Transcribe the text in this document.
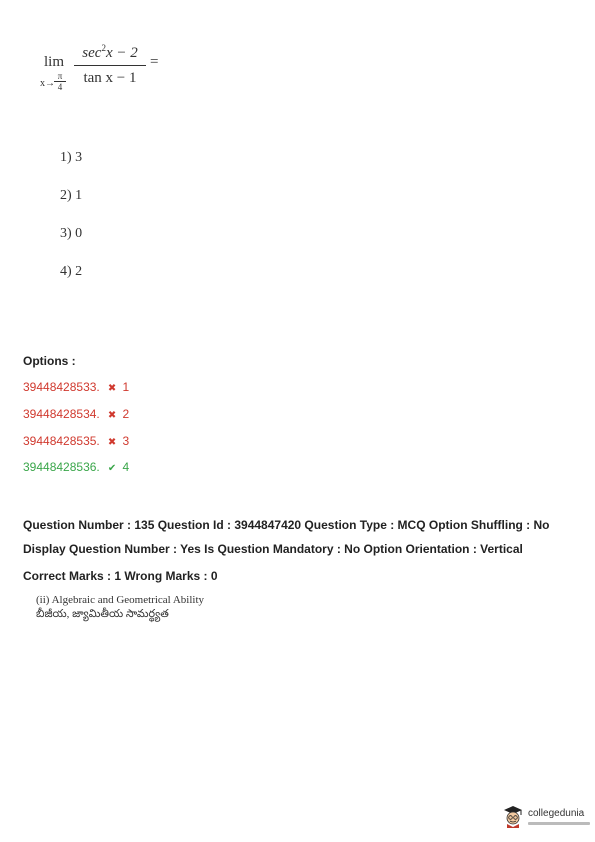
lim
x→
π
4
$\sec^2x - 2$
tan x − 1
=
1) 3
2) 1
3) 0
4) 2
Options :
39448428533. ✖ 1
39448428534. ✖ 2
39448428535. ✖ 3
39448428536. ✔ 4
Question Number : 135 Question Id : 3944847420 Question Type : MCQ Option Shuffling : No
Display Question Number : Yes Is Question Mandatory : No Option Orientation : Vertical
Correct Marks : 1 Wrong Marks : 0
(ii) Algebraic and Geometrical Ability
బీజీయ, జ్యామితీయ సామర్థ్యత
collegedunia
